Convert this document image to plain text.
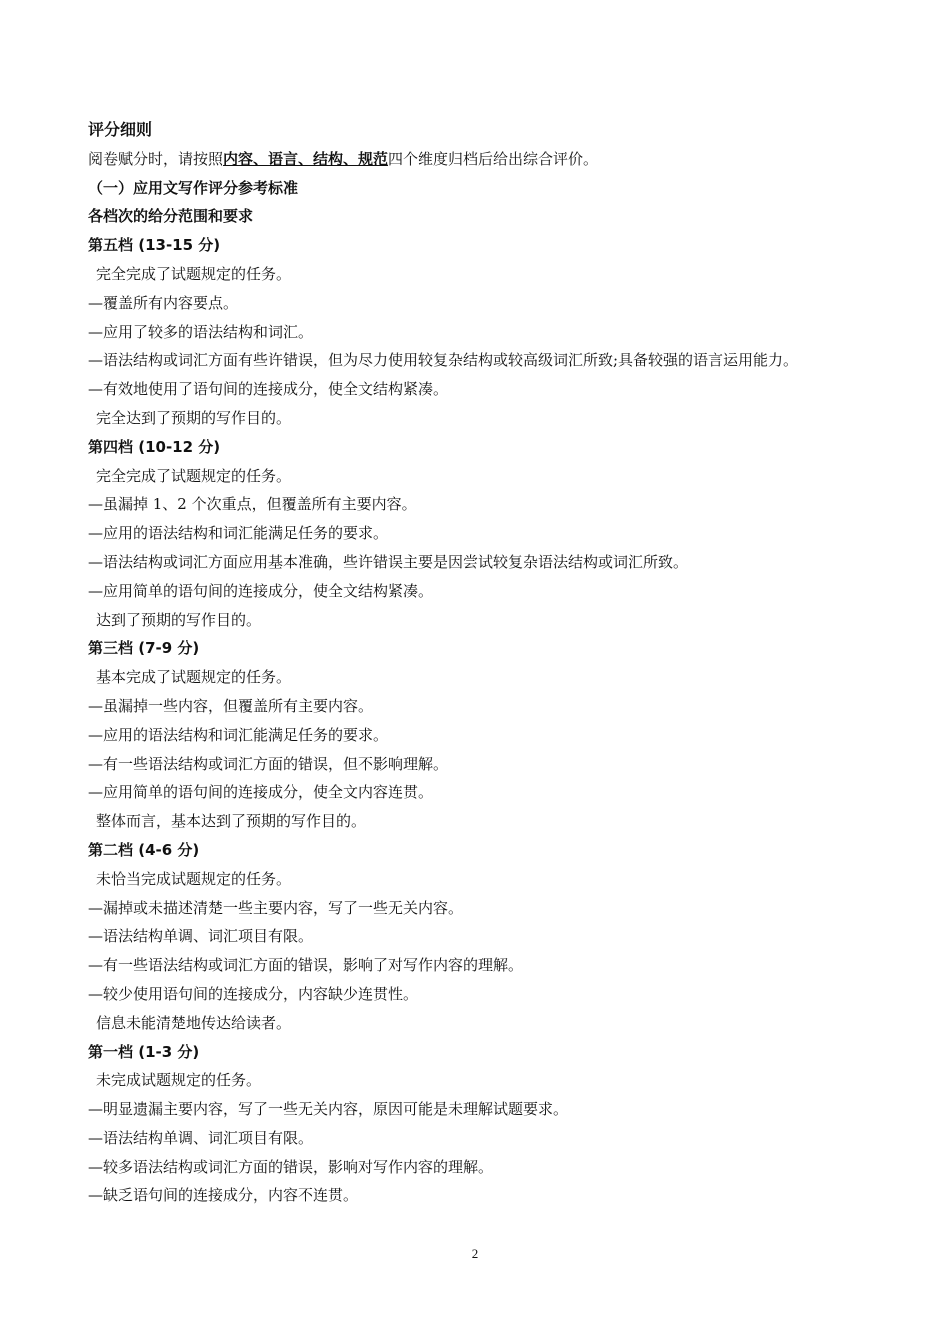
评分细则
阅卷赋分时，请按照内容、语言、结构、规范四个维度归档后给出综合评价。
（一）应用文写作评分参考标准
各档次的给分范围和要求
第五档 (13-15 分)
完全完成了试题规定的任务。
—覆盖所有内容要点。
—应用了较多的语法结构和词汇。
—语法结构或词汇方面有些许错误，但为尽力使用较复杂结构或较高级词汇所致;具备较强的语言运用能力。
—有效地使用了语句间的连接成分，使全文结构紧凑。
完全达到了预期的写作目的。
第四档 (10-12 分)
完全完成了试题规定的任务。
—虽漏掉 1、2 个次重点，但覆盖所有主要内容。
—应用的语法结构和词汇能满足任务的要求。
—语法结构或词汇方面应用基本准确，些许错误主要是因尝试较复杂语法结构或词汇所致。
—应用简单的语句间的连接成分，使全文结构紧凑。
达到了预期的写作目的。
第三档 (7-9 分)
基本完成了试题规定的任务。
—虽漏掉一些内容，但覆盖所有主要内容。
—应用的语法结构和词汇能满足任务的要求。
—有一些语法结构或词汇方面的错误，但不影响理解。
—应用简单的语句间的连接成分，使全文内容连贯。
整体而言，基本达到了预期的写作目的。
第二档 (4-6 分)
未恰当完成试题规定的任务。
—漏掉或未描述清楚一些主要内容，写了一些无关内容。
—语法结构单调、词汇项目有限。
—有一些语法结构或词汇方面的错误，影响了对写作内容的理解。
—较少使用语句间的连接成分，内容缺少连贯性。
信息未能清楚地传达给读者。
第一档 (1-3 分)
未完成试题规定的任务。
—明显遗漏主要内容，写了一些无关内容，原因可能是未理解试题要求。
—语法结构单调、词汇项目有限。
—较多语法结构或词汇方面的错误，影响对写作内容的理解。
—缺乏语句间的连接成分，内容不连贯。
2
